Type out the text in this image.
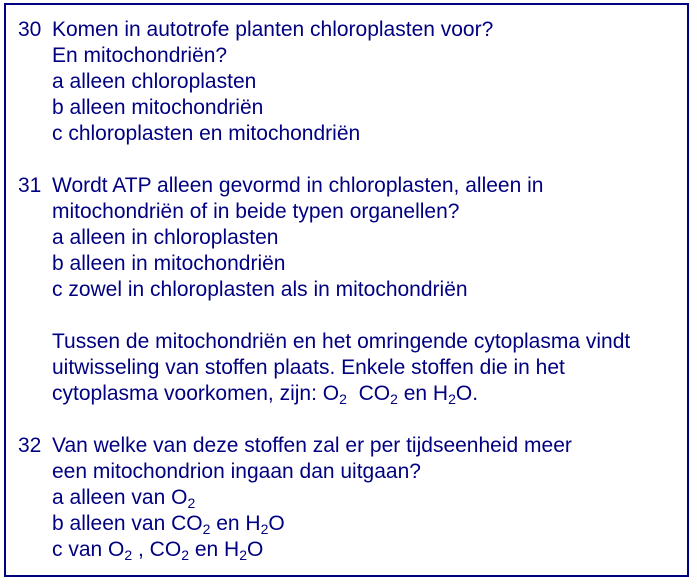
30 Komen in autotrofe planten chloroplasten voor?
En mitochondriën?
a alleen chloroplasten
b alleen mitochondriën
c chloroplasten en mitochondriën
31 Wordt ATP alleen gevormd in chloroplasten, alleen in
mitochondriën of in beide typen organellen?
a alleen in chloroplasten
b alleen in mitochondriën
c zowel in chloroplasten als in mitochondriën
Tussen de mitochondriën en het omringende cytoplasma vindt
uitwisseling van stoffen plaats. Enkele stoffen die in het
cytoplasma voorkomen, zijn: $O_2$  $CO_2$ en $H_2O$.
32 Van welke van deze stoffen zal er per tijdseenheid meer
een mitochondrion ingaan dan uitgaan?
a alleen van $O_2$
b alleen van $CO_2$ en $H_2O$
c van $O_2$ , $CO_2$ en $H_2O$
